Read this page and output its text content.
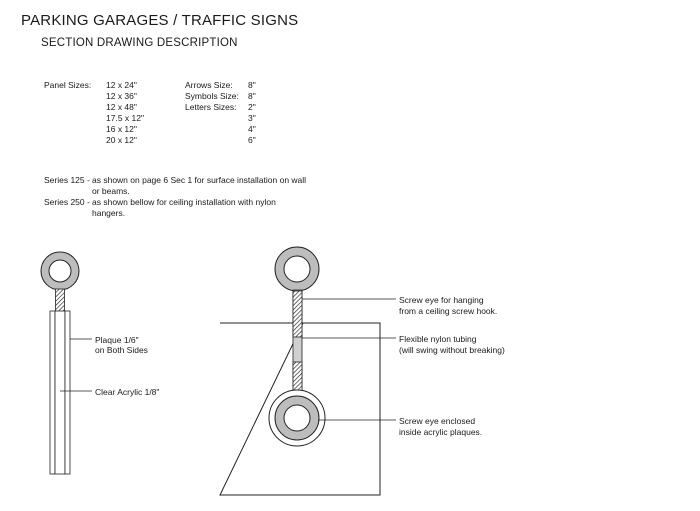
PARKING GARAGES / TRAFFIC SIGNS
SECTION DRAWING DESCRIPTION
Panel Sizes: 12 x 24"
12 x 36"
12 x 48"
17.5 x 12"
16 x 12"
20 x 12"
Arrows Size: 8"
Symbols Size: 8"
Letters Sizes: 2"
3"
4"
6"
Series 125 - as shown on page 6 Sec 1 for surface installation on wall
or beams.
Series 250 - as shown bellow for ceiling installation with nylon
hangers.
Plaque 1/6"
on Both Sides
Clear Acrylic 1/8"
Screw eye for hanging
from a ceiling screw hook.
Flexible nylon tubing
(will swing without breaking)
Screw eye enclosed
inside acrylic plaques.
